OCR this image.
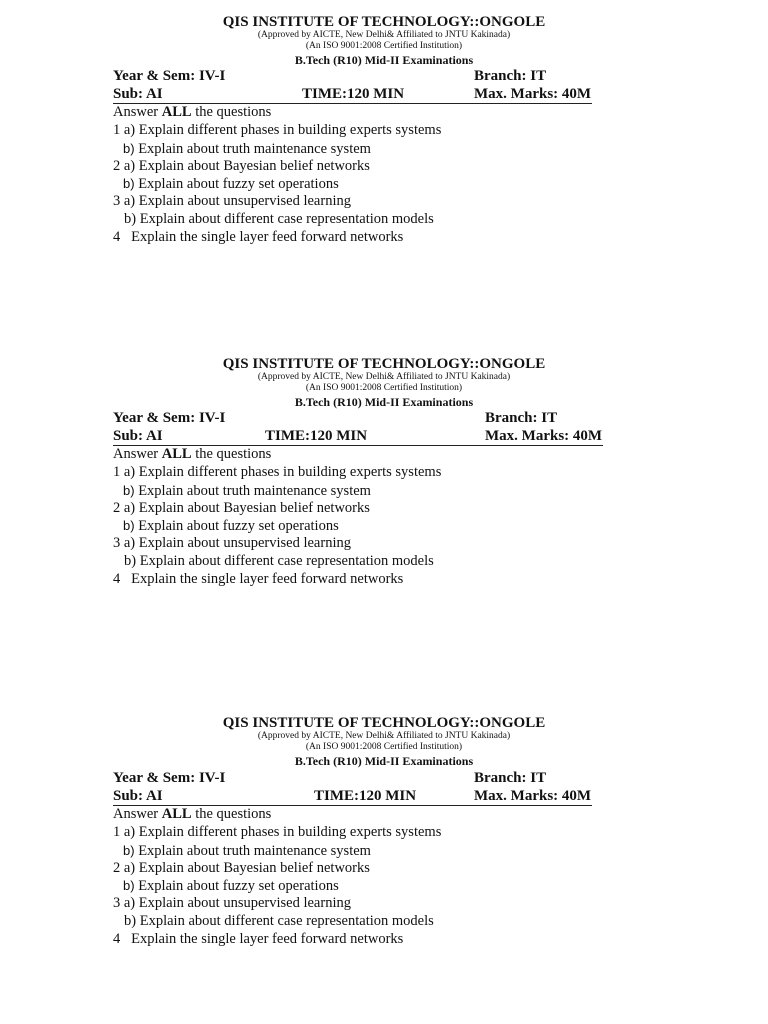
QIS INSTITUTE OF TECHNOLOGY::ONGOLE
(Approved by AICTE, New Delhi& Affiliated to JNTU Kakinada)
(An ISO 9001:2008 Certified Institution)
B.Tech (R10) Mid-II Examinations
Year & Sem: IV-I	Branch: IT
Sub: AI	TIME:120 MIN	Max. Marks: 40M
Answer ALL the questions
1 a) Explain different phases in building experts systems
b) Explain about truth maintenance system
2 a) Explain about Bayesian belief networks
b) Explain about fuzzy set operations
3 a) Explain about unsupervised learning
b) Explain about different case representation models
4 Explain the single layer feed forward networks
QIS INSTITUTE OF TECHNOLOGY::ONGOLE
(Approved by AICTE, New Delhi& Affiliated to JNTU Kakinada)
(An ISO 9001:2008 Certified Institution)
B.Tech (R10) Mid-II Examinations
Year & Sem: IV-I	Branch: IT
Sub: AI	TIME:120 MIN	Max. Marks: 40M
Answer ALL the questions
1 a) Explain different phases in building experts systems
b) Explain about truth maintenance system
2 a) Explain about Bayesian belief networks
b) Explain about fuzzy set operations
3 a) Explain about unsupervised learning
b) Explain about different case representation models
4 Explain the single layer feed forward networks
QIS INSTITUTE OF TECHNOLOGY::ONGOLE
(Approved by AICTE, New Delhi& Affiliated to JNTU Kakinada)
(An ISO 9001:2008 Certified Institution)
B.Tech (R10) Mid-II Examinations
Year & Sem: IV-I	Branch: IT
Sub: AI	TIME:120 MIN	Max. Marks: 40M
Answer ALL the questions
1 a) Explain different phases in building experts systems
b) Explain about truth maintenance system
2 a) Explain about Bayesian belief networks
b) Explain about fuzzy set operations
3 a) Explain about unsupervised learning
b) Explain about different case representation models
4 Explain the single layer feed forward networks
